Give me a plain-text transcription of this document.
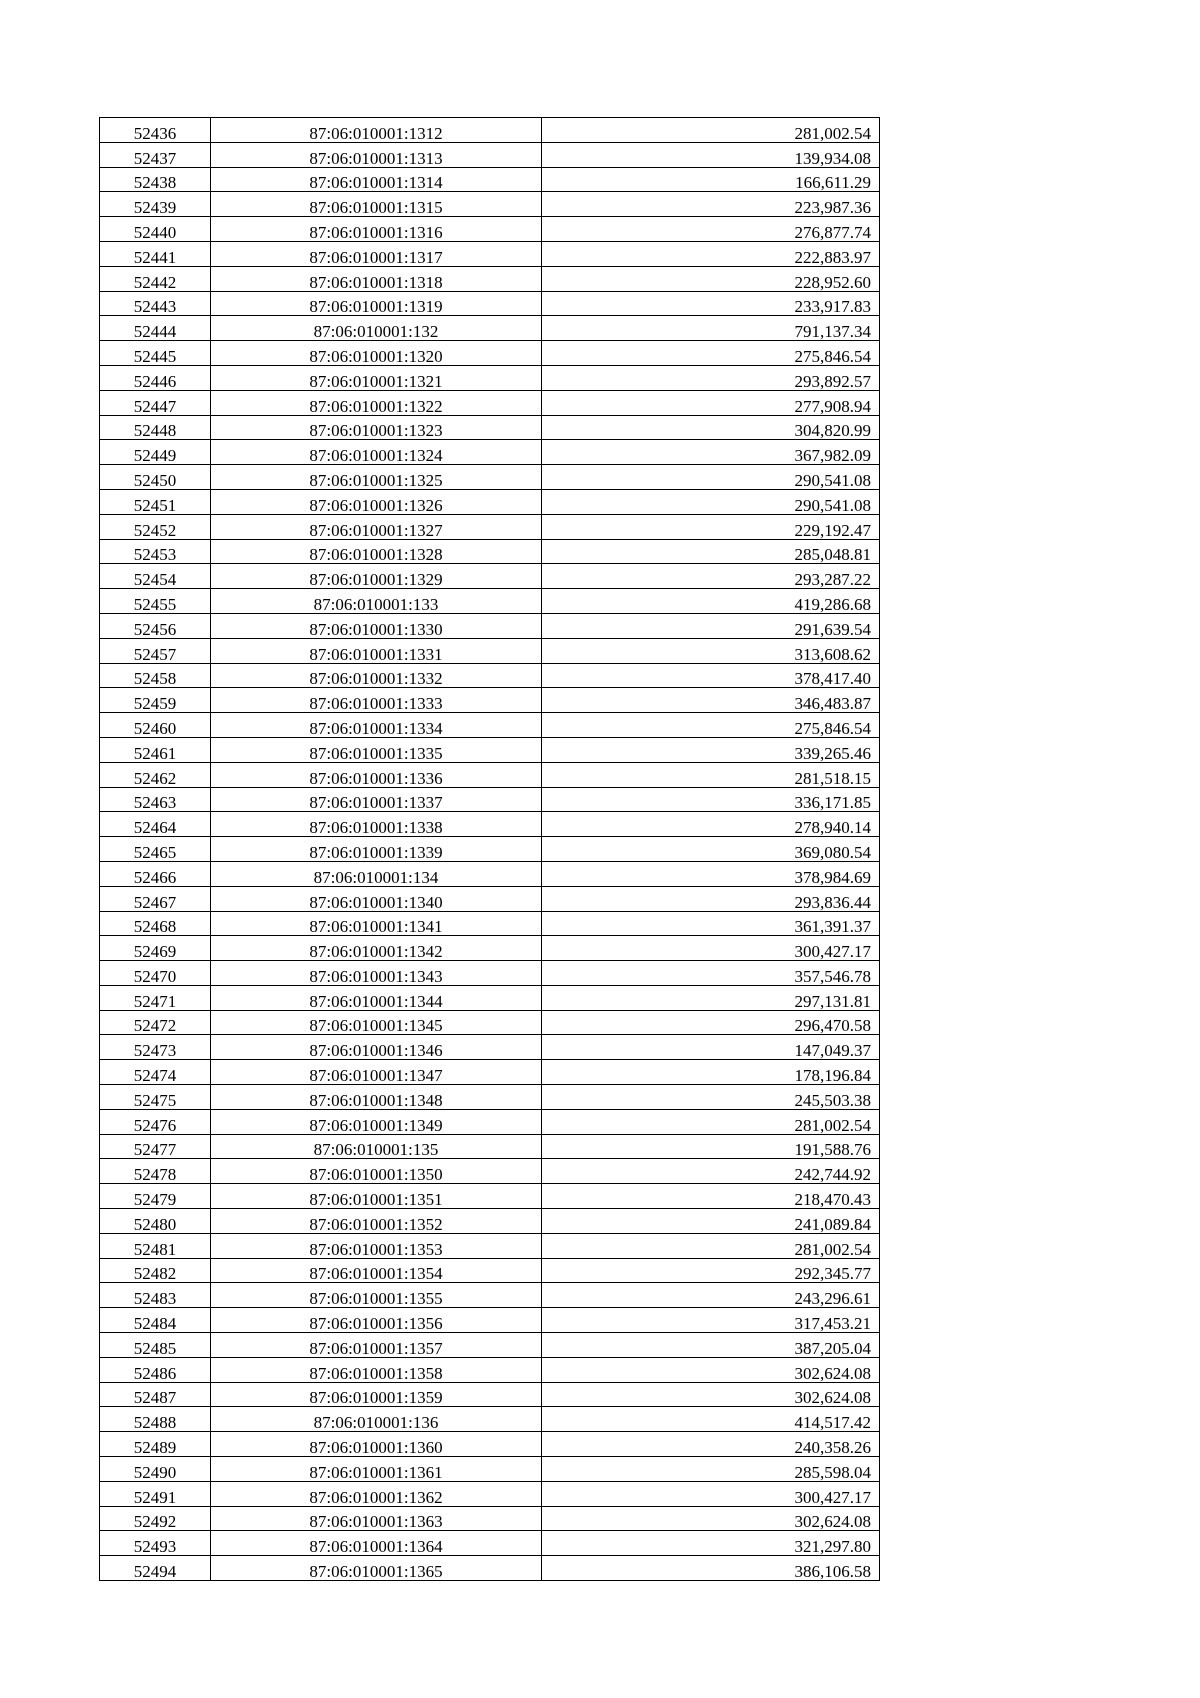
52436	87:06:010001:1312	281,002.54
52437	87:06:010001:1313	139,934.08
52438	87:06:010001:1314	166,611.29
52439	87:06:010001:1315	223,987.36
52440	87:06:010001:1316	276,877.74
52441	87:06:010001:1317	222,883.97
52442	87:06:010001:1318	228,952.60
52443	87:06:010001:1319	233,917.83
52444	87:06:010001:132	791,137.34
52445	87:06:010001:1320	275,846.54
52446	87:06:010001:1321	293,892.57
52447	87:06:010001:1322	277,908.94
52448	87:06:010001:1323	304,820.99
52449	87:06:010001:1324	367,982.09
52450	87:06:010001:1325	290,541.08
52451	87:06:010001:1326	290,541.08
52452	87:06:010001:1327	229,192.47
52453	87:06:010001:1328	285,048.81
52454	87:06:010001:1329	293,287.22
52455	87:06:010001:133	419,286.68
52456	87:06:010001:1330	291,639.54
52457	87:06:010001:1331	313,608.62
52458	87:06:010001:1332	378,417.40
52459	87:06:010001:1333	346,483.87
52460	87:06:010001:1334	275,846.54
52461	87:06:010001:1335	339,265.46
52462	87:06:010001:1336	281,518.15
52463	87:06:010001:1337	336,171.85
52464	87:06:010001:1338	278,940.14
52465	87:06:010001:1339	369,080.54
52466	87:06:010001:134	378,984.69
52467	87:06:010001:1340	293,836.44
52468	87:06:010001:1341	361,391.37
52469	87:06:010001:1342	300,427.17
52470	87:06:010001:1343	357,546.78
52471	87:06:010001:1344	297,131.81
52472	87:06:010001:1345	296,470.58
52473	87:06:010001:1346	147,049.37
52474	87:06:010001:1347	178,196.84
52475	87:06:010001:1348	245,503.38
52476	87:06:010001:1349	281,002.54
52477	87:06:010001:135	191,588.76
52478	87:06:010001:1350	242,744.92
52479	87:06:010001:1351	218,470.43
52480	87:06:010001:1352	241,089.84
52481	87:06:010001:1353	281,002.54
52482	87:06:010001:1354	292,345.77
52483	87:06:010001:1355	243,296.61
52484	87:06:010001:1356	317,453.21
52485	87:06:010001:1357	387,205.04
52486	87:06:010001:1358	302,624.08
52487	87:06:010001:1359	302,624.08
52488	87:06:010001:136	414,517.42
52489	87:06:010001:1360	240,358.26
52490	87:06:010001:1361	285,598.04
52491	87:06:010001:1362	300,427.17
52492	87:06:010001:1363	302,624.08
52493	87:06:010001:1364	321,297.80
52494	87:06:010001:1365	386,106.58
